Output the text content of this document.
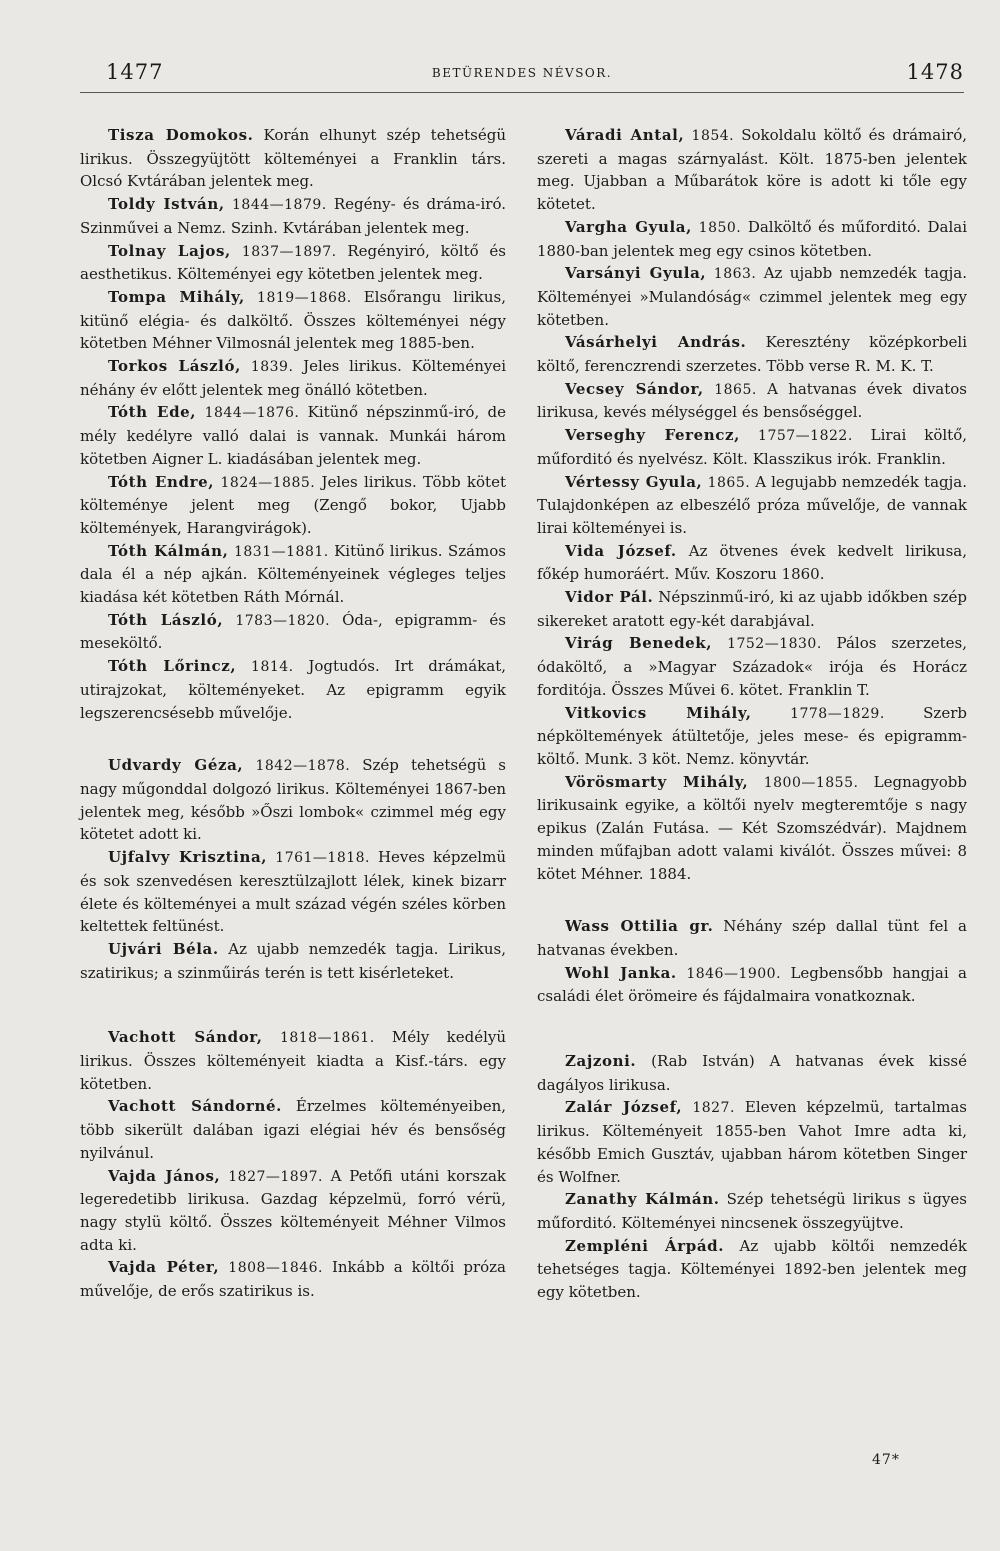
1477	BETÜRENDES NÉVSOR.	1478

Tisza Domokos. Korán elhunyt szép tehetségü lirikus. Összegyüjtött költeményei a Franklin társ. Olcsó Kvtárában jelentek meg.

Toldy István, 1844—1879. Regény- és dráma-iró. Szinművei a Nemz. Szinh. Kvtárában jelentek meg.

Tolnay Lajos, 1837—1897. Regényiró, költő és aesthetikus. Költeményei egy kötetben jelentek meg.

Tompa Mihály, 1819—1868. Elsőrangu lirikus, kitünő elégia- és dalköltő. Összes költeményei négy kötetben Méhner Vilmosnál jelentek meg 1885-ben.

Torkos László, 1839. Jeles lirikus. Költeményei néhány év előtt jelentek meg önálló kötetben.

Tóth Ede, 1844—1876. Kitünő népszinmű-iró, de mély kedélyre valló dalai is vannak. Munkái három kötetben Aigner L. kiadásában jelentek meg.

Tóth Endre, 1824—1885. Jeles lirikus. Több kötet költeménye jelent meg (Zengő bokor, Ujabb költemények, Harangvirágok).

Tóth Kálmán, 1831—1881. Kitünő lirikus. Számos dala él a nép ajkán. Költeményeinek végleges teljes kiadása két kötetben Ráth Mórnál.

Tóth László, 1783—1820. Óda-, epigramm- és meseköltő.

Tóth Lőrincz, 1814. Jogtudós. Irt drámákat, utirajzokat, költeményeket. Az epigramm egyik legszerencsésebb művelője.

Udvardy Géza, 1842—1878. Szép tehetségü s nagy műgonddal dolgozó lirikus. Költeményei 1867-ben jelentek meg, később »Őszi lombok« czimmel még egy kötetet adott ki.

Ujfalvy Krisztina, 1761—1818. Heves képzelmü és sok szenvedésen keresztülzajlott lélek, kinek bizarr élete és költeményei a mult század végén széles körben keltettek feltünést.

Ujvári Béla. Az ujabb nemzedék tagja. Lirikus, szatirikus; a szinműirás terén is tett kisérleteket.

Vachott Sándor, 1818—1861. Mély kedélyü lirikus. Összes költeményeit kiadta a Kisf.-társ. egy kötetben.

Vachott Sándorné. Érzelmes költeményeiben, több sikerült dalában igazi elégiai hév és bensőség nyilvánul.

Vajda János, 1827—1897. A Petőfi utáni korszak legeredetibb lirikusa. Gazdag képzelmü, forró vérü, nagy stylü költő. Összes költeményeit Méhner Vilmos adta ki.

Vajda Péter, 1808—1846. Inkább a költői próza művelője, de erős szatirikus is.

Váradi Antal, 1854. Sokoldalu költő és drámairó, szereti a magas szárnyalást. Költ. 1875-ben jelentek meg. Ujabban a Műbarátok köre is adott ki tőle egy kötetet.

Vargha Gyula, 1850. Dalköltő és műforditó. Dalai 1880-ban jelentek meg egy csinos kötetben.

Varsányi Gyula, 1863. Az ujabb nemzedék tagja. Költeményei »Mulandóság« czimmel jelentek meg egy kötetben.

Vásárhelyi András. Keresztény középkorbeli költő, ferenczrendi szerzetes. Több verse R. M. K. T.

Vecsey Sándor, 1865. A hatvanas évek divatos lirikusa, kevés mélységgel és bensőséggel.

Verseghy Ferencz, 1757—1822. Lirai költő, műforditó és nyelvész. Költ. Klasszikus irók. Franklin.

Vértessy Gyula, 1865. A legujabb nemzedék tagja. Tulajdonképen az elbeszélő próza művelője, de vannak lirai költeményei is.

Vida József. Az ötvenes évek kedvelt lirikusa, főkép humoráért. Műv. Koszoru 1860.

Vidor Pál. Népszinmű-iró, ki az ujabb időkben szép sikereket aratott egy-két darabjával.

Virág Benedek, 1752—1830. Pálos szerzetes, ódaköltő, a »Magyar Századok« irója és Horácz forditója. Összes Művei 6. kötet. Franklin T.

Vitkovics Mihály, 1778—1829. Szerb népköltemények átültetője, jeles mese- és epigramm-költő. Munk. 3 köt. Nemz. könyvtár.

Vörösmarty Mihály, 1800—1855. Legnagyobb lirikusaink egyike, a költői nyelv megteremtője s nagy epikus (Zalán Futása. — Két Szomszédvár). Majdnem minden műfajban adott valami kiválót. Összes művei: 8 kötet Méhner. 1884.

Wass Ottilia gr. Néhány szép dallal tünt fel a hatvanas években.

Wohl Janka. 1846—1900. Legbensőbb hangjai a családi élet örömeire és fájdalmaira vonatkoznak.

Zajzoni. (Rab István) A hatvanas évek kissé dagályos lirikusa.

Zalár József, 1827. Eleven képzelmü, tartalmas lirikus. Költeményeit 1855-ben Vahot Imre adta ki, később Emich Gusztáv, ujabban három kötetben Singer és Wolfner.

Zanathy Kálmán. Szép tehetségü lirikus s ügyes műforditó. Költeményei nincsenek összegyüjtve.

Zempléni Árpád. Az ujabb költői nemzedék tehetséges tagja. Költeményei 1892-ben jelentek meg egy kötetben.

47*
